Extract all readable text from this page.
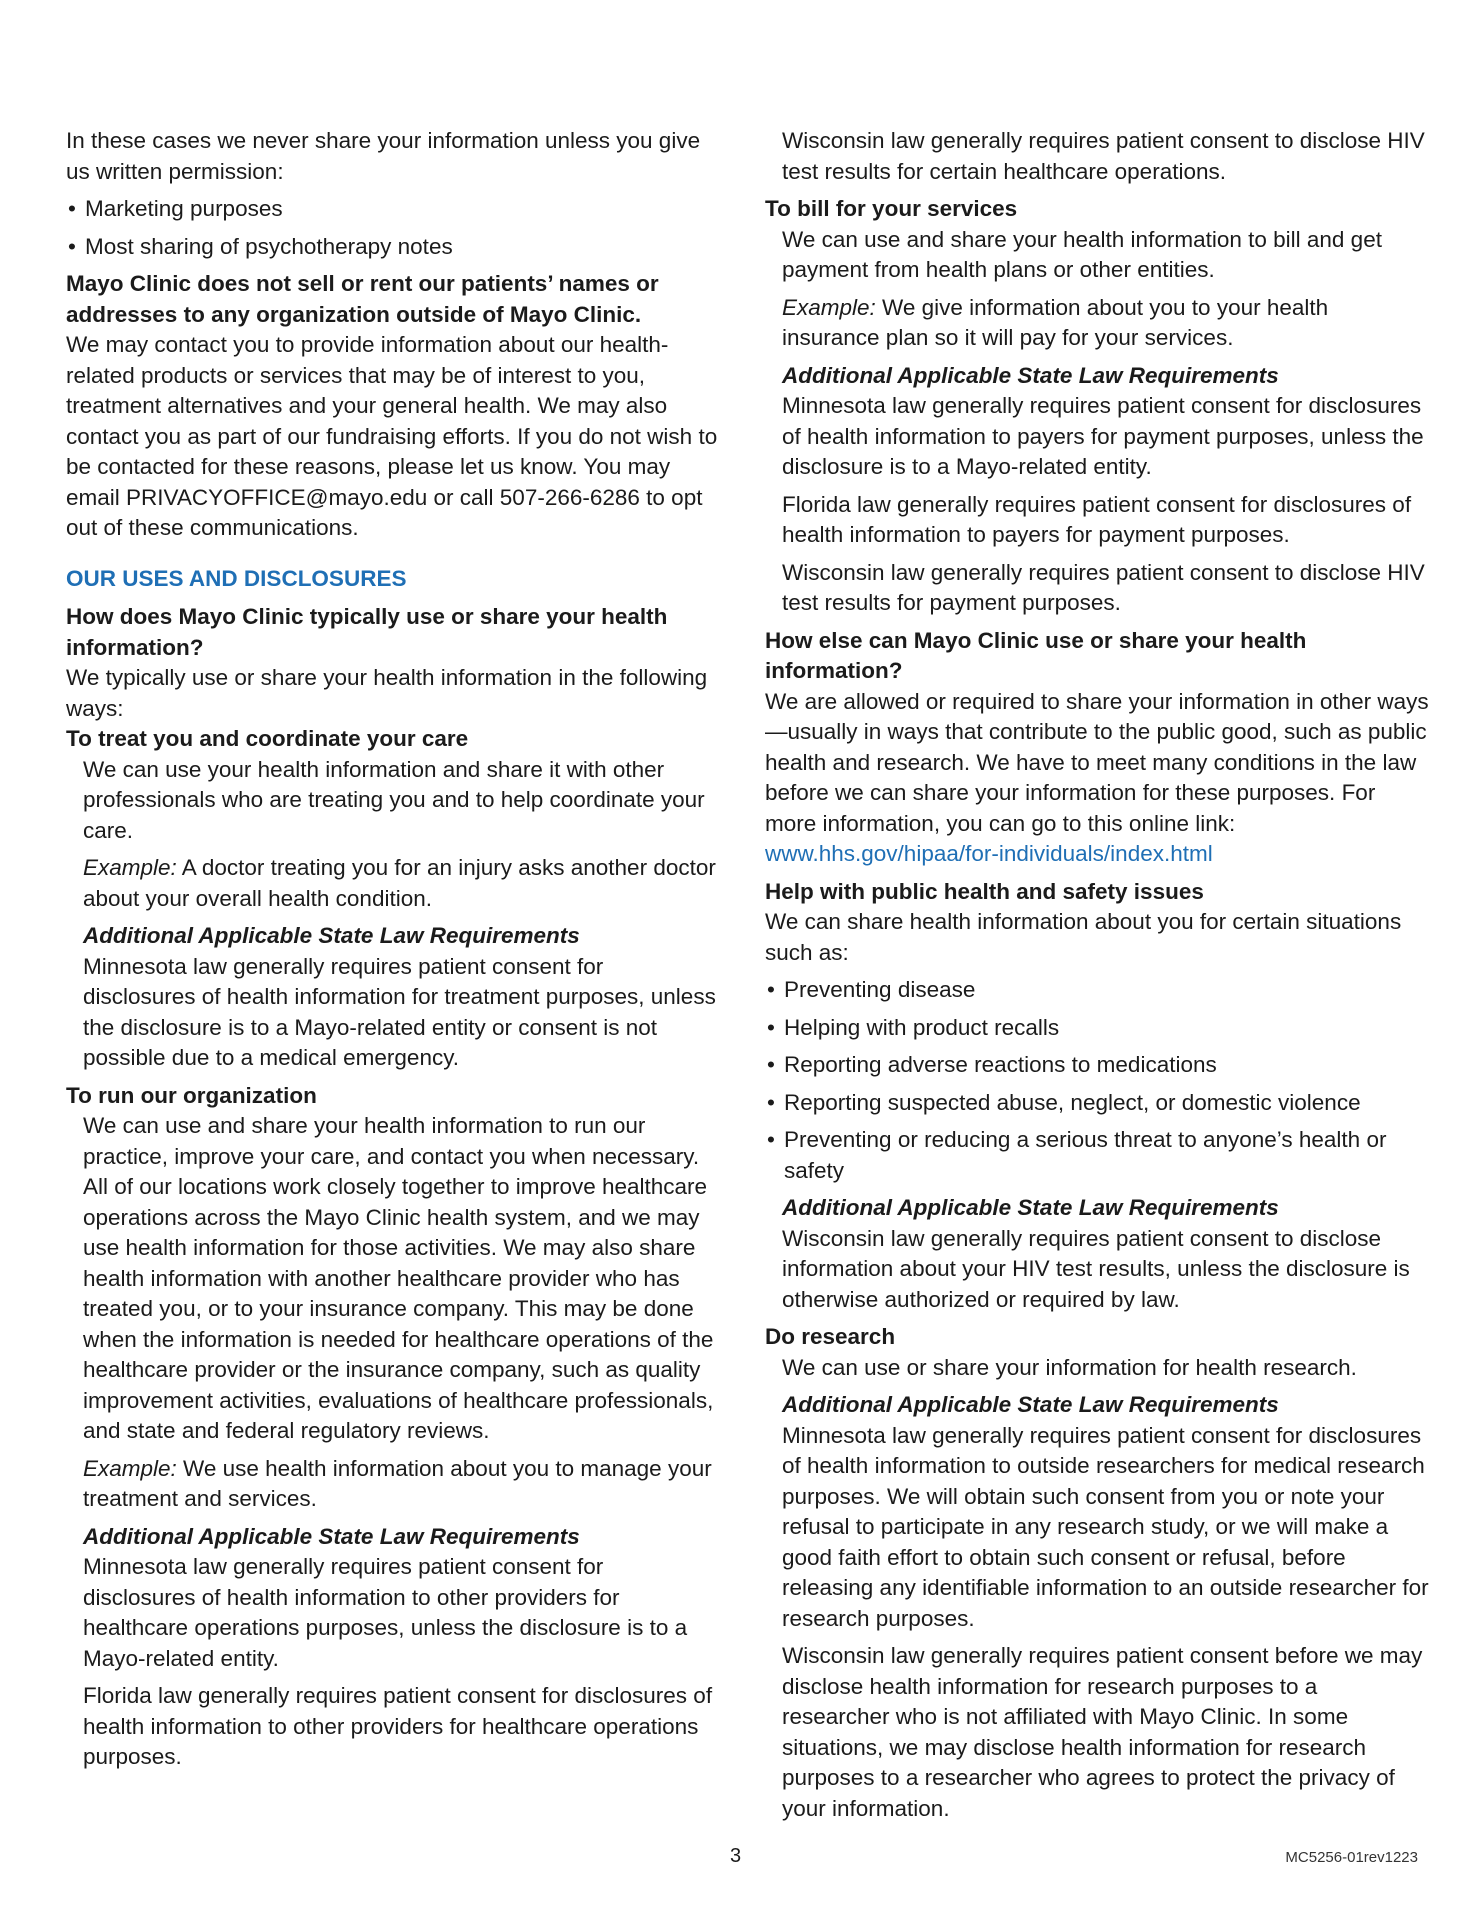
In these cases we never share your information unless you give us written permission:

• Marketing purposes
• Most sharing of psychotherapy notes

Mayo Clinic does not sell or rent our patients’ names or addresses to any organization outside of Mayo Clinic.

We may contact you to provide information about our health-related products or services that may be of interest to you, treatment alternatives and your general health. We may also contact you as part of our fundraising efforts. If you do not wish to be contacted for these reasons, please let us know. You may email PRIVACYOFFICE@mayo.edu or call 507-266-6286 to opt out of these communications.

OUR USES AND DISCLOSURES

How does Mayo Clinic typically use or share your health information?

We typically use or share your health information in the following ways:

To treat you and coordinate your care

We can use your health information and share it with other professionals who are treating you and to help coordinate your care.

Example: A doctor treating you for an injury asks another doctor about your overall health condition.

Additional Applicable State Law Requirements

Minnesota law generally requires patient consent for disclosures of health information for treatment purposes, unless the disclosure is to a Mayo-related entity or consent is not possible due to a medical emergency.

To run our organization

We can use and share your health information to run our practice, improve your care, and contact you when necessary. All of our locations work closely together to improve healthcare operations across the Mayo Clinic health system, and we may use health information for those activities. We may also share health information with another healthcare provider who has treated you, or to your insurance company. This may be done when the information is needed for healthcare operations of the healthcare provider or the insurance company, such as quality improvement activities, evaluations of healthcare professionals, and state and federal regulatory reviews.

Example: We use health information about you to manage your treatment and services.

Additional Applicable State Law Requirements

Minnesota law generally requires patient consent for disclosures of health information to other providers for healthcare operations purposes, unless the disclosure is to a Mayo-related entity.

Florida law generally requires patient consent for disclosures of health information to other providers for healthcare operations purposes.

Wisconsin law generally requires patient consent to disclose HIV test results for certain healthcare operations.

To bill for your services

We can use and share your health information to bill and get payment from health plans or other entities.

Example: We give information about you to your health insurance plan so it will pay for your services.

Additional Applicable State Law Requirements

Minnesota law generally requires patient consent for disclosures of health information to payers for payment purposes, unless the disclosure is to a Mayo-related entity.

Florida law generally requires patient consent for disclosures of health information to payers for payment purposes.

Wisconsin law generally requires patient consent to disclose HIV test results for payment purposes.

How else can Mayo Clinic use or share your health information?

We are allowed or required to share your information in other ways—usually in ways that contribute to the public good, such as public health and research. We have to meet many conditions in the law before we can share your information for these purposes. For more information, you can go to this online link: www.hhs.gov/hipaa/for-individuals/index.html

Help with public health and safety issues

We can share health information about you for certain situations such as:

• Preventing disease
• Helping with product recalls
• Reporting adverse reactions to medications
• Reporting suspected abuse, neglect, or domestic violence
• Preventing or reducing a serious threat to anyone’s health or safety

Additional Applicable State Law Requirements

Wisconsin law generally requires patient consent to disclose information about your HIV test results, unless the disclosure is otherwise authorized or required by law.

Do research

We can use or share your information for health research.

Additional Applicable State Law Requirements

Minnesota law generally requires patient consent for disclosures of health information to outside researchers for medical research purposes. We will obtain such consent from you or note your refusal to participate in any research study, or we will make a good faith effort to obtain such consent or refusal, before releasing any identifiable information to an outside researcher for research purposes.

Wisconsin law generally requires patient consent before we may disclose health information for research purposes to a researcher who is not affiliated with Mayo Clinic. In some situations, we may disclose health information for research purposes to a researcher who agrees to protect the privacy of your information.

3	MC5256-01rev1223
